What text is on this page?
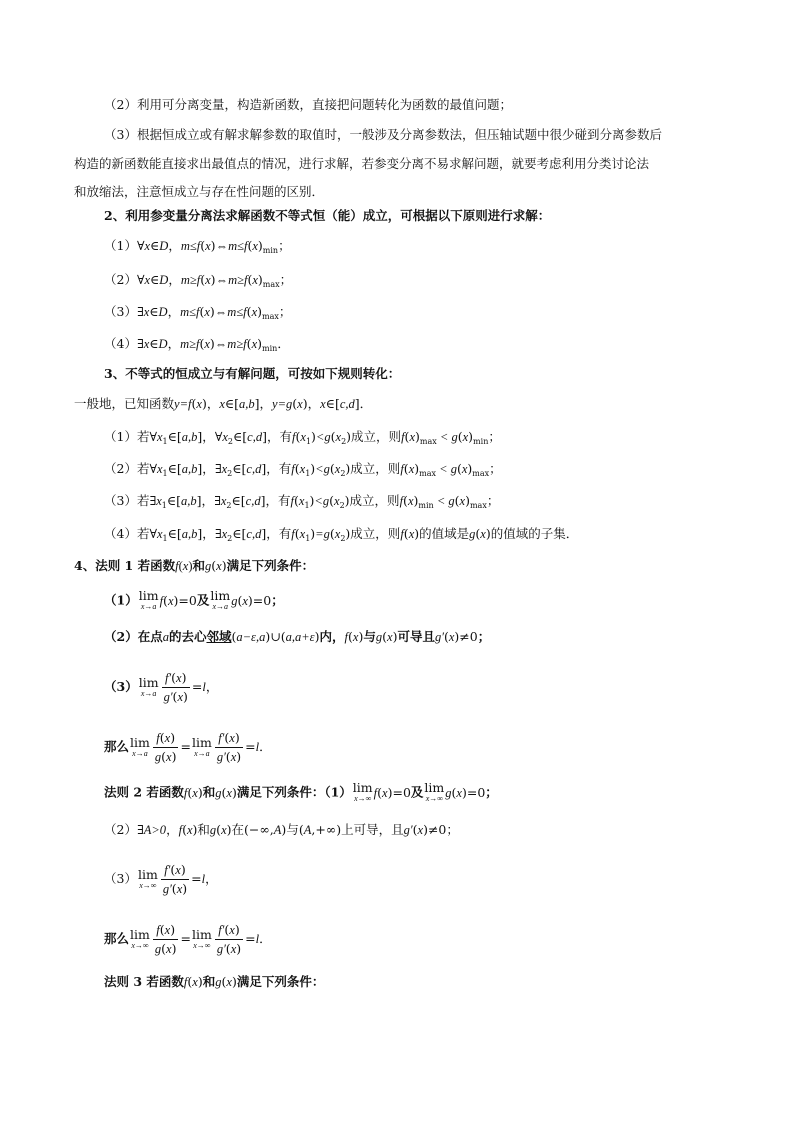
（2）利用可分离变量，构造新函数，直接把问题转化为函数的最值问题；
（3）根据恒成立或有解求解参数的取值时，一般涉及分离参数法，但压轴试题中很少碰到分离参数后
构造的新函数能直接求出最值点的情况，进行求解，若参变分离不易求解问题，就要考虑利用分类讨论法
和放缩法，注意恒成立与存在性问题的区别．
2、利用参变量分离法求解函数不等式恒（能）成立，可根据以下原则进行求解：
（1）∀x∈D，$m\le f(x)\Leftrightarrow m\le f(x)_{min}$；
（2）∀x∈D，$m\ge f(x)\Leftrightarrow m\ge f(x)_{max}$；
（3）∃x∈D，$m\le f(x)\Leftrightarrow m\le f(x)_{max}$；
（4）∃x∈D，$m\ge f(x)\Leftrightarrow m\ge f(x)_{min}$．
3、不等式的恒成立与有解问题，可按如下规则转化：
一般地，已知函数y=f(x)，x∈[a,b]，y=g(x)，x∈[c,d]．
（1）若$\forall x_1\in[a,b]$，$\forall x_2\in[c,d]$，有$f(x_1)<g(x_2)$成立，则$f(x)_{max} < g(x)_{min}$；
（2）若$\forall x_1\in[a,b]$，$\exists x_2\in[c,d]$，有$f(x_1)<g(x_2)$成立，则$f(x)_{max} < g(x)_{max}$；
（3）若$\exists x_1\in[a,b]$，$\exists x_2\in[c,d]$，有$f(x_1)<g(x_2)$成立，则$f(x)_{min} < g(x)_{max}$；
（4）若$\forall x_1\in[a,b]$，$\exists x_2\in[c,d]$，有$f(x_1)=g(x_2)$成立，则f(x)的值域是g(x)的值域的子集．
4、法则 1 若函数f(x)和g(x)满足下列条件：
（1） lim
x→a f(x)=0及 lim
x→a g(x)=0；
（2）在点a的去心邻域(a−ε,a)∪(a,a+ε)内，f(x)与g(x)可导且g′(x)≠0；
（3） lim
$x\to a \frac{f'(x)}{g'(x)} =l$，
那么 lim
$x\to a \frac{f(x)}{g(x)} = \lim$
$x\to a \frac{f'(x)}{g'(x)} =l$．
法则 2 若函数f(x)和g(x)满足下列条件：（1） lim
x→∞ f(x)=0及 lim
x→∞ g(x)=0；
（2）∃A>0，f(x)和g(x)在(−∞,A)与(A,+∞)上可导，且g′(x)≠0；
（3） lim
$x\to\infty \frac{f'(x)}{g'(x)} =l$，
那么 lim
$x\to\infty \frac{f(x)}{g(x)} = \lim$
$x\to\infty \frac{f'(x)}{g'(x)} =l$．
法则 3 若函数f(x)和g(x)满足下列条件：
